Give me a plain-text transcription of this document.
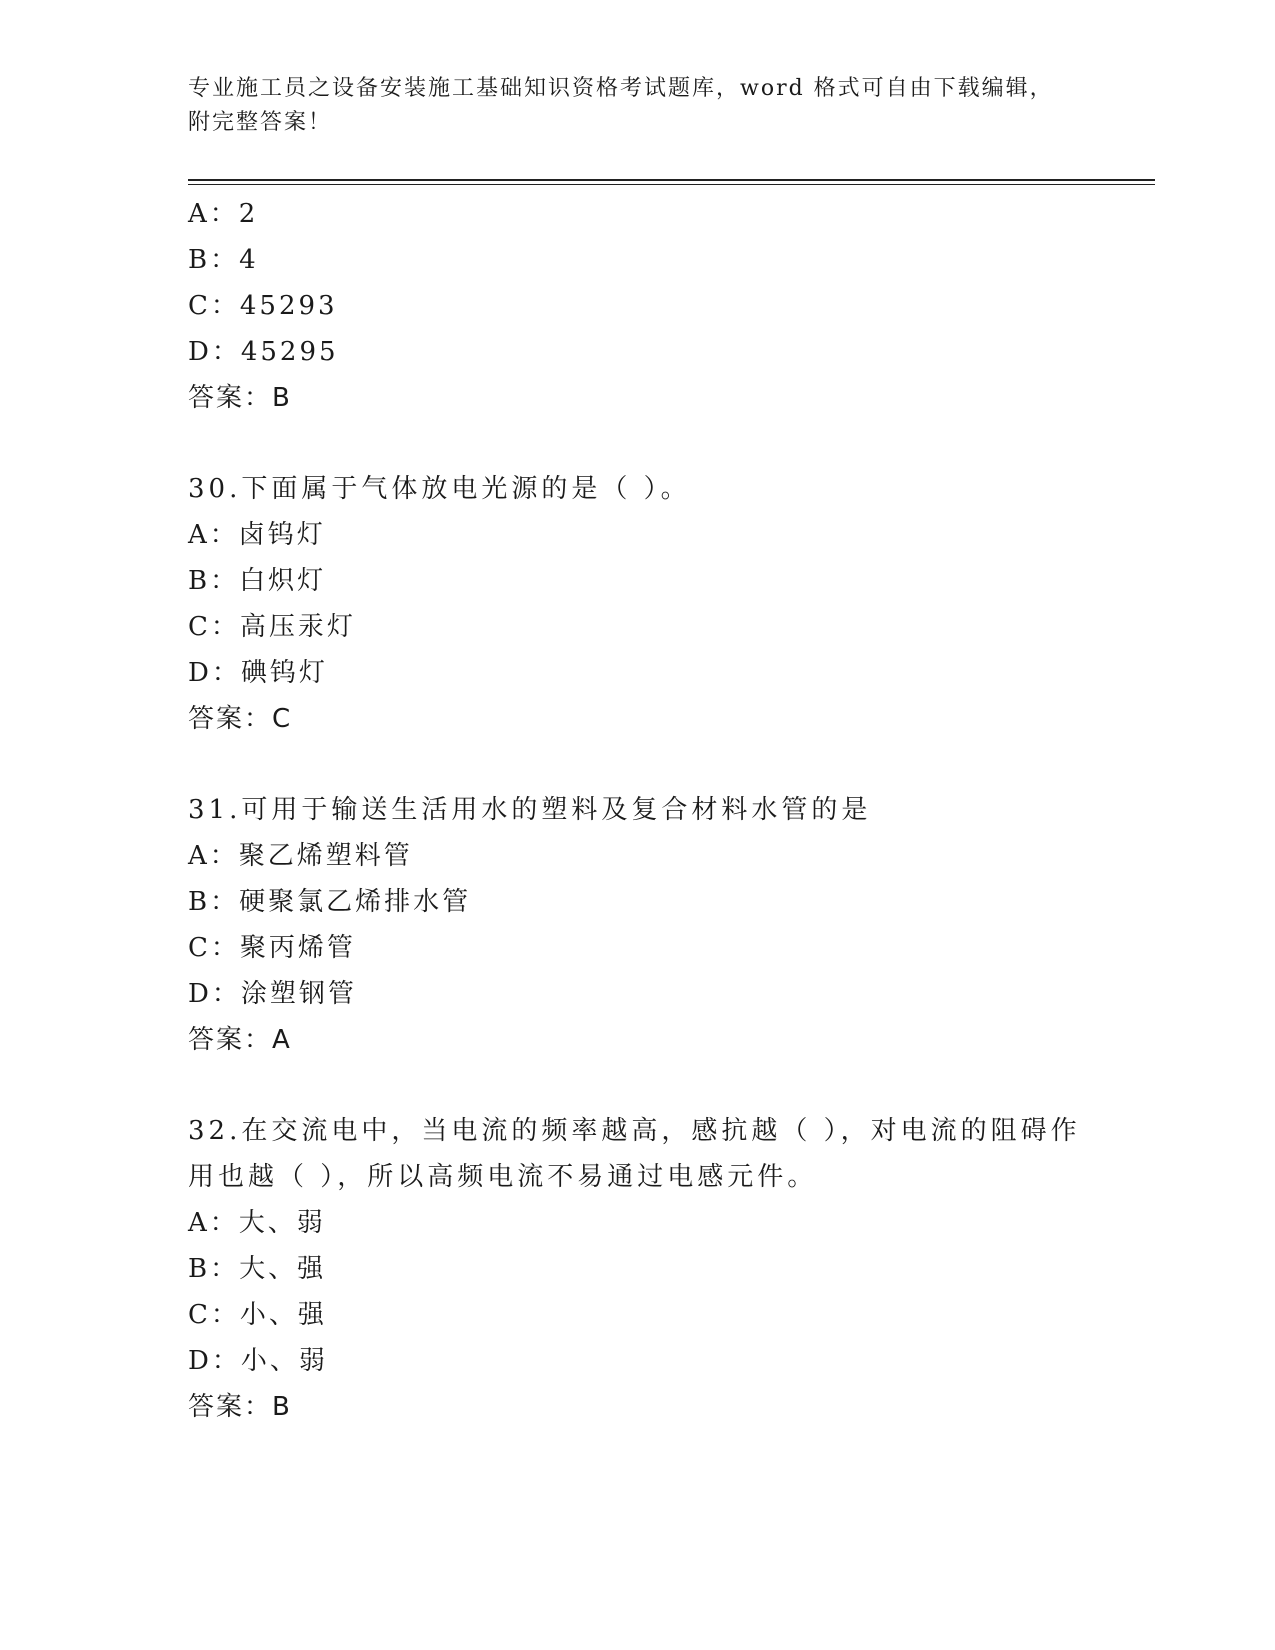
专业施工员之设备安装施工基础知识资格考试题库，word 格式可自由下载编辑，
附完整答案！
A：2
B：4
C：45293
D：45295
答案：B
30.下面属于气体放电光源的是（ ）。
A：卤钨灯
B：白炽灯
C：高压汞灯
D：碘钨灯
答案：C
31.可用于输送生活用水的塑料及复合材料水管的是
A：聚乙烯塑料管
B：硬聚氯乙烯排水管
C：聚丙烯管
D：涂塑钢管
答案：A
32.在交流电中，当电流的频率越高，感抗越（ ），对电流的阻碍作
用也越（ ），所以高频电流不易通过电感元件。
A：大、弱
B：大、强
C：小、强
D：小、弱
答案：B
